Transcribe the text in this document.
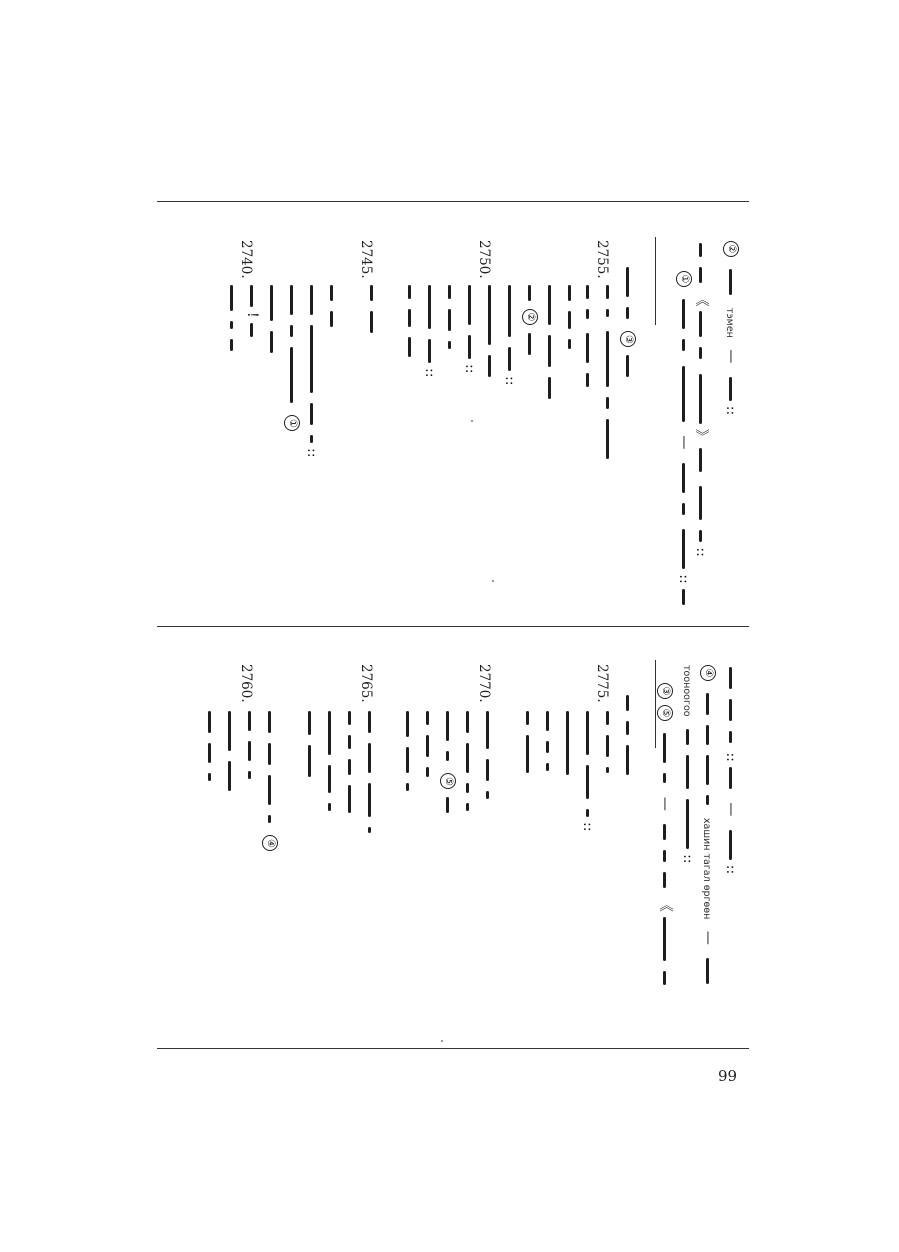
99
②  тэмен — ::
《 》 ::
①   —  ::
③
2755.

②
::
2750.
::
::
2745.
::
①
2740.
!
:: — ::
④  хашин тагал өргөөн —
тооноогоо ::
③⑤  —  《
2775.
::
2770.
⑤
2765.
2760.
④
